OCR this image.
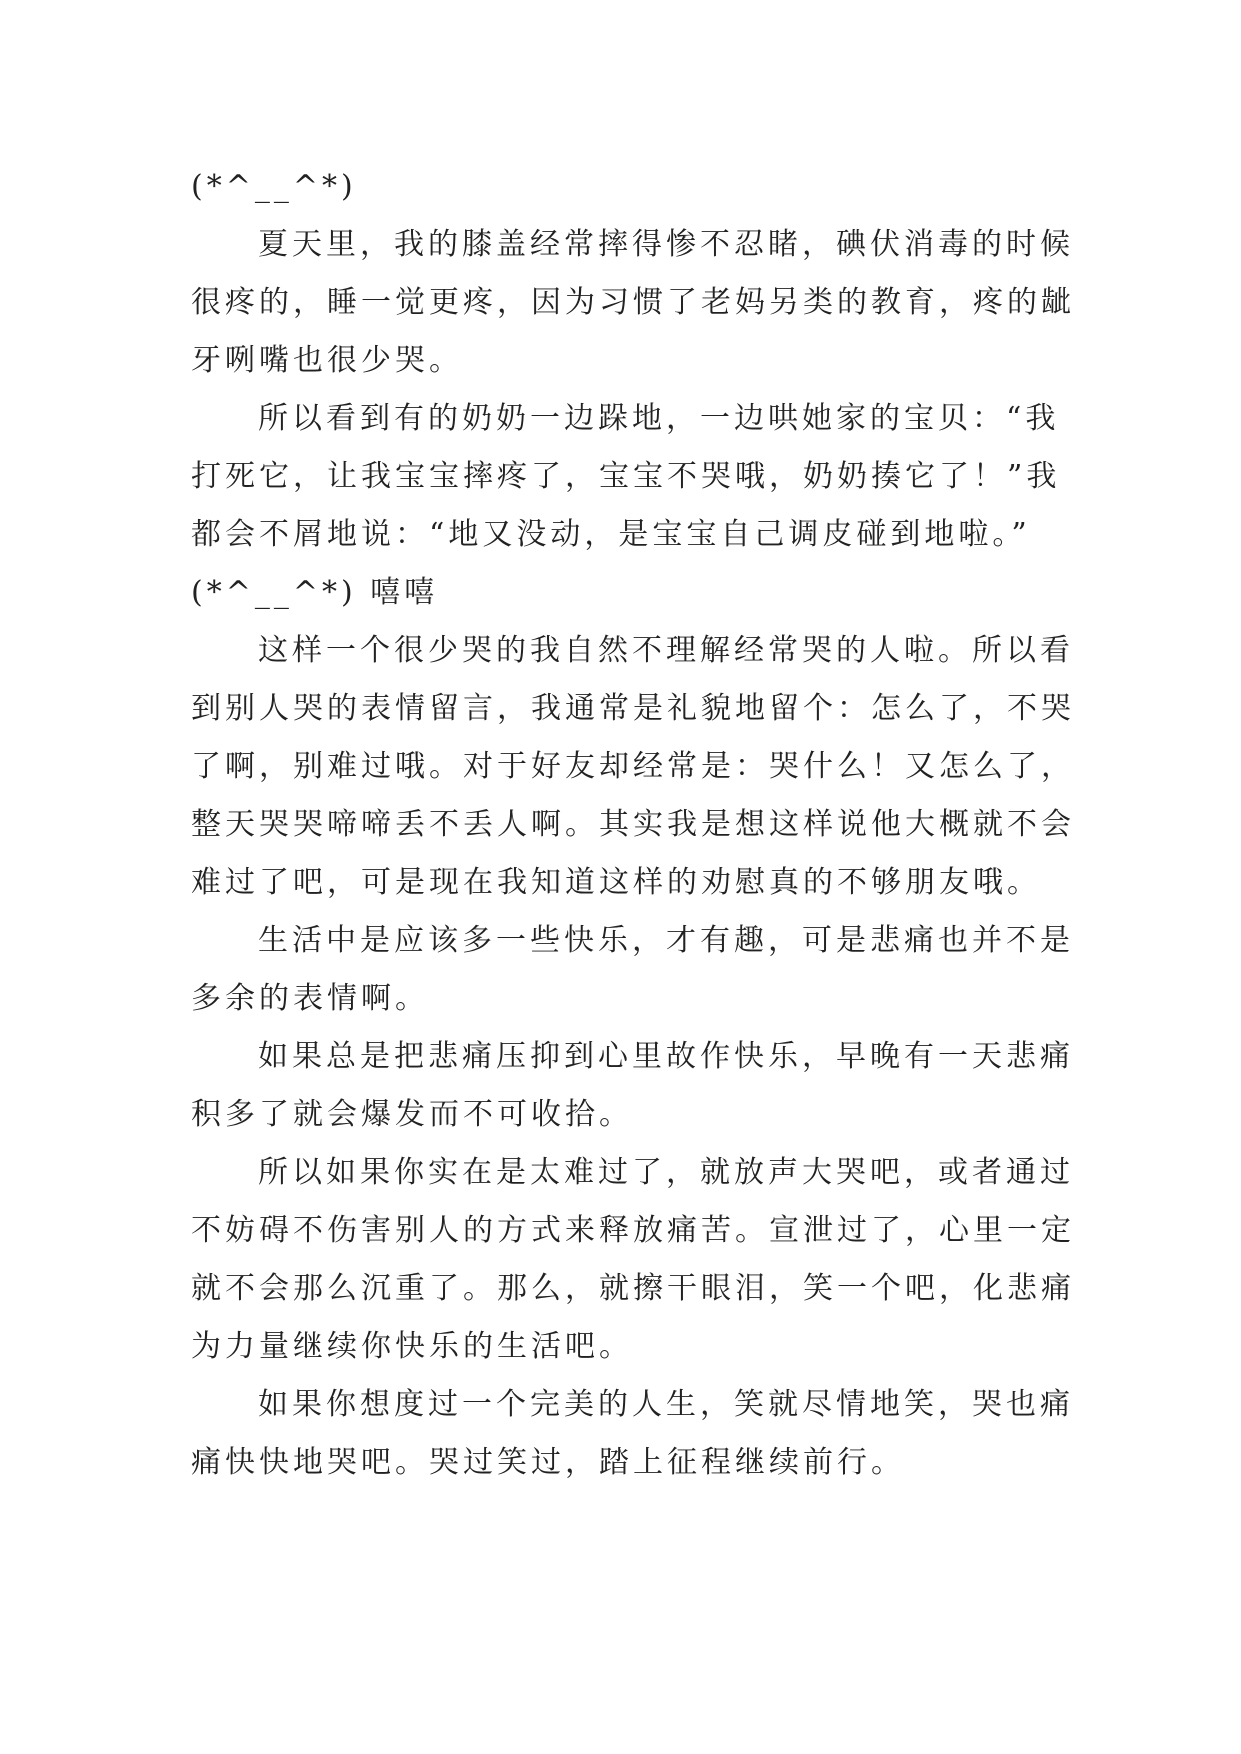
(*^__^*)
夏天里，我的膝盖经常摔得惨不忍睹，碘伏消毒的时候
很疼的，睡一觉更疼，因为习惯了老妈另类的教育，疼的龇
牙咧嘴也很少哭。
所以看到有的奶奶一边跺地，一边哄她家的宝贝：“我
打死它，让我宝宝摔疼了，宝宝不哭哦，奶奶揍它了！”我
都会不屑地说：“地又没动，是宝宝自己调皮碰到地啦。”
(*^__^*) 嘻嘻
这样一个很少哭的我自然不理解经常哭的人啦。所以看
到别人哭的表情留言，我通常是礼貌地留个：怎么了，不哭
了啊，别难过哦。对于好友却经常是：哭什么！又怎么了，
整天哭哭啼啼丢不丢人啊。其实我是想这样说他大概就不会
难过了吧，可是现在我知道这样的劝慰真的不够朋友哦。
生活中是应该多一些快乐，才有趣，可是悲痛也并不是
多余的表情啊。
如果总是把悲痛压抑到心里故作快乐，早晚有一天悲痛
积多了就会爆发而不可收拾。
所以如果你实在是太难过了，就放声大哭吧，或者通过
不妨碍不伤害别人的方式来释放痛苦。宣泄过了，心里一定
就不会那么沉重了。那么，就擦干眼泪，笑一个吧，化悲痛
为力量继续你快乐的生活吧。
如果你想度过一个完美的人生，笑就尽情地笑，哭也痛
痛快快地哭吧。哭过笑过，踏上征程继续前行。
